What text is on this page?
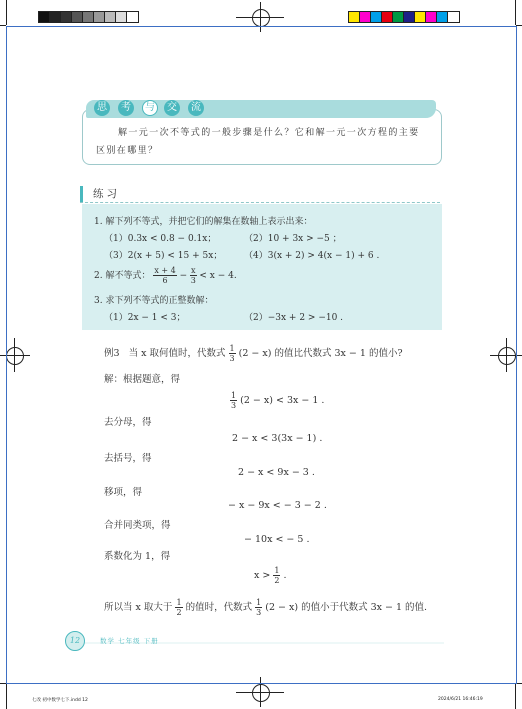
思	考	与	交	流
解一元一次不等式的一般步骤是什么？它和解一元一次方程的主要
区别在哪里？
练习
1. 解下列不等式，并把它们的解集在数轴上表示出来：
（1）0.3x < 0.8 − 0.1x；	（2）10 + 3x > −5 ；
（3）2(x + 5) < 15 + 5x； （4）3(x + 2) > 4(x − 1) + 6 .
2. 解不等式： $\frac{x + 4}{6} - \frac{x}{3} < x - 4$.
3. 求下列不等式的正整数解：
（1）2x − 1 < 3；	（2）−3x + 2 > −10 .
例3 当 x 取何值时，代数式 $\frac{1}{3} (2 - x)$ 的值比代数式 3x − 1 的值小?
解：根据题意，得
$\frac{1}{3} (2 - x) < 3x - 1$ .
去分母，得
2 − x < 3(3x − 1) .
去括号，得
2 − x < 9x − 3 .
移项，得
− x − 9x < − 3 − 2 .
合并同类项，得
− 10x < − 5 .
系数化为 1，得
$x > \frac{1}{2}$ .
所以当 x 取大于 $\frac{1}{2}$ 的值时，代数式 $\frac{1}{3} (2 - x)$ 的值小于代数式 3x − 1 的值.
12	数学 七年级 下册
七改 初中数学七下.indd 12	2024/6/21 16:46:19
